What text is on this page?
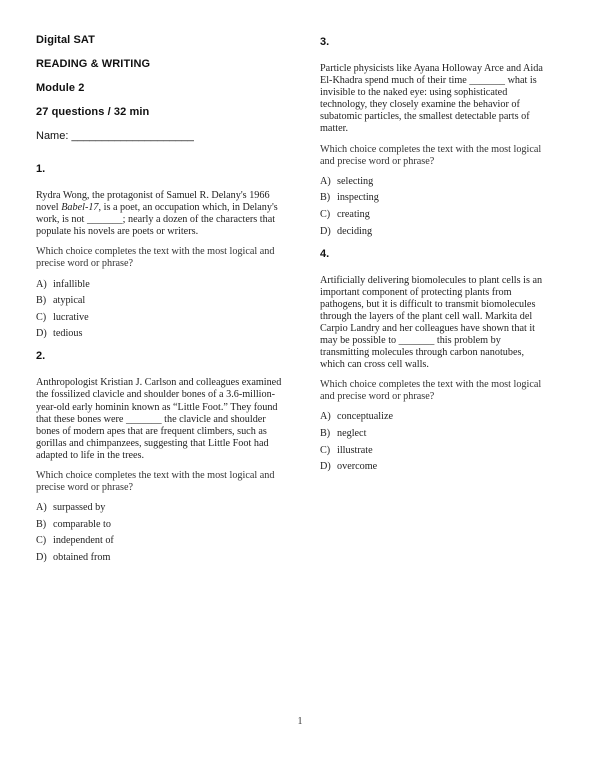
Digital SAT
READING & WRITING
Module 2
27 questions / 32 min
Name: ____________________
1.
Rydra Wong, the protagonist of Samuel R. Delany's 1966 novel Babel-17, is a poet, an occupation which, in Delany's work, is not _______; nearly a dozen of the characters that populate his novels are poets or writers.
Which choice completes the text with the most logical and precise word or phrase?
A) infallible
B) atypical
C) lucrative
D) tedious
2.
Anthropologist Kristian J. Carlson and colleagues examined the fossilized clavicle and shoulder bones of a 3.6-million-year-old early hominin known as “Little Foot.” They found that these bones were _______ the clavicle and shoulder bones of modern apes that are frequent climbers, such as gorillas and chimpanzees, suggesting that Little Foot had adapted to life in the trees.
Which choice completes the text with the most logical and precise word or phrase?
A) surpassed by
B) comparable to
C) independent of
D) obtained from
3.
Particle physicists like Ayana Holloway Arce and Aida El-Khadra spend much of their time _______ what is invisible to the naked eye: using sophisticated technology, they closely examine the behavior of subatomic particles, the smallest detectable parts of matter.
Which choice completes the text with the most logical and precise word or phrase?
A) selecting
B) inspecting
C) creating
D) deciding
4.
Artificially delivering biomolecules to plant cells is an important component of protecting plants from pathogens, but it is difficult to transmit biomolecules through the layers of the plant cell wall. Markita del Carpio Landry and her colleagues have shown that it may be possible to _______ this problem by transmitting molecules through carbon nanotubes, which can cross cell walls.
Which choice completes the text with the most logical and precise word or phrase?
A) conceptualize
B) neglect
C) illustrate
D) overcome
1
